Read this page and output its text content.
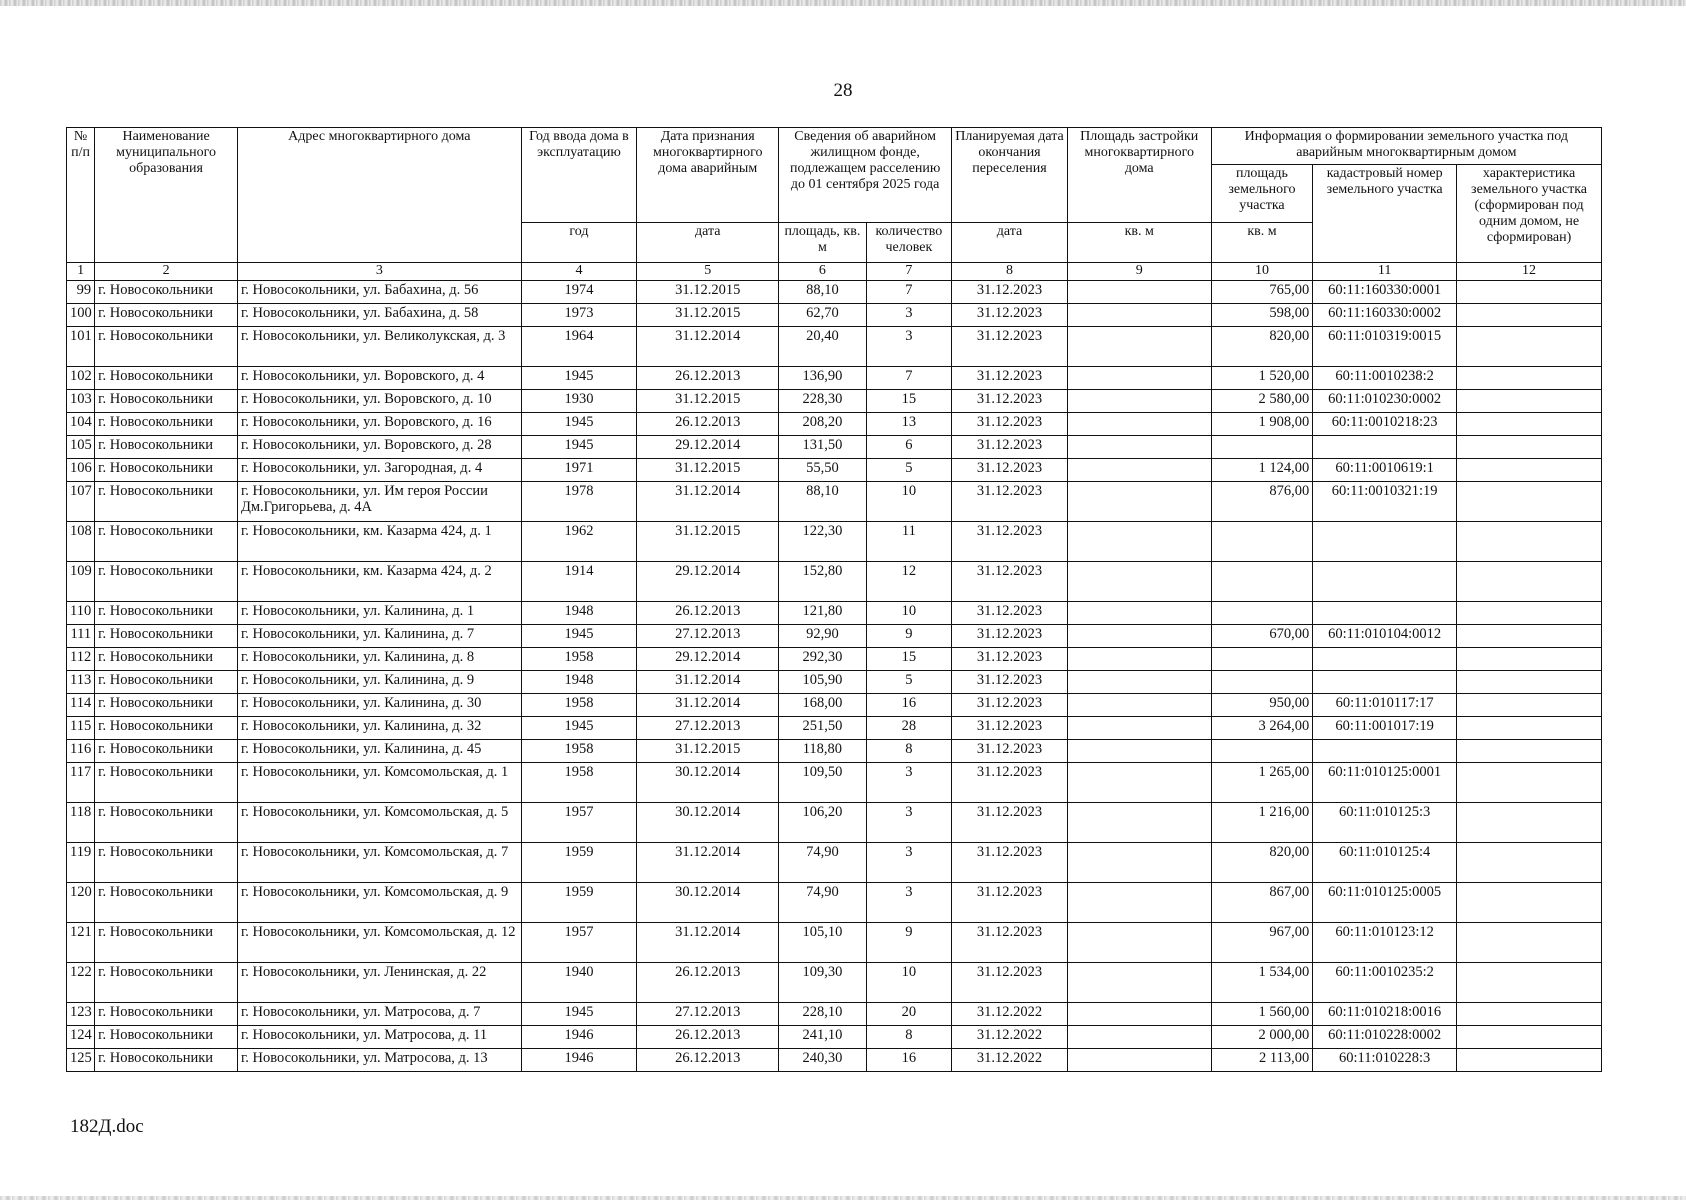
28
№ п/п	Наименование муниципального образования	Адрес многоквартирного дома	Год ввода дома в эксплуатацию	Дата признания многоквартирного дома аварийным	Сведения об аварийном жилищном фонде, подлежащем расселению до 01 сентября 2025 года		Планируемая дата окончания переселения	Площадь застройки многоквартирного дома	Информация о формировании земельного участка под аварийным многоквартирным домом		
									площадь земельного участка	кадастровый номер земельного участка	характеристика земельного участка (сформирован под одним домом, не сформирован)
			год	дата	площадь, кв. м	количество человек	дата	кв. м	кв. м		
1	2	3	4	5	6	7	8	9	10	11	12
99	г. Новосокольники	г. Новосокольники, ул. Бабахина, д. 56	1974	31.12.2015	88,10	7	31.12.2023		765,00	60:11:160330:0001	
100	г. Новосокольники	г. Новосокольники, ул. Бабахина, д. 58	1973	31.12.2015	62,70	3	31.12.2023		598,00	60:11:160330:0002	
101	г. Новосокольники	г. Новосокольники, ул. Великолукская, д. 3	1964	31.12.2014	20,40	3	31.12.2023		820,00	60:11:010319:0015	
102	г. Новосокольники	г. Новосокольники, ул. Воровского, д. 4	1945	26.12.2013	136,90	7	31.12.2023		1 520,00	60:11:0010238:2	
103	г. Новосокольники	г. Новосокольники, ул. Воровского, д. 10	1930	31.12.2015	228,30	15	31.12.2023		2 580,00	60:11:010230:0002	
104	г. Новосокольники	г. Новосокольники, ул. Воровского, д. 16	1945	26.12.2013	208,20	13	31.12.2023		1 908,00	60:11:0010218:23	
105	г. Новосокольники	г. Новосокольники, ул. Воровского, д. 28	1945	29.12.2014	131,50	6	31.12.2023				
106	г. Новосокольники	г. Новосокольники, ул. Загородная, д. 4	1971	31.12.2015	55,50	5	31.12.2023		1 124,00	60:11:0010619:1	
107	г. Новосокольники	г. Новосокольники, ул. Им героя России Дм.Григорьева, д. 4А	1978	31.12.2014	88,10	10	31.12.2023		876,00	60:11:0010321:19	
108	г. Новосокольники	г. Новосокольники, км. Казарма 424, д. 1	1962	31.12.2015	122,30	11	31.12.2023				
109	г. Новосокольники	г. Новосокольники, км. Казарма 424, д. 2	1914	29.12.2014	152,80	12	31.12.2023				
110	г. Новосокольники	г. Новосокольники, ул. Калинина, д. 1	1948	26.12.2013	121,80	10	31.12.2023				
111	г. Новосокольники	г. Новосокольники, ул. Калинина, д. 7	1945	27.12.2013	92,90	9	31.12.2023		670,00	60:11:010104:0012	
112	г. Новосокольники	г. Новосокольники, ул. Калинина, д. 8	1958	29.12.2014	292,30	15	31.12.2023				
113	г. Новосокольники	г. Новосокольники, ул. Калинина, д. 9	1948	31.12.2014	105,90	5	31.12.2023				
114	г. Новосокольники	г. Новосокольники, ул. Калинина, д. 30	1958	31.12.2014	168,00	16	31.12.2023		950,00	60:11:010117:17	
115	г. Новосокольники	г. Новосокольники, ул. Калинина, д. 32	1945	27.12.2013	251,50	28	31.12.2023		3 264,00	60:11:001017:19	
116	г. Новосокольники	г. Новосокольники, ул. Калинина, д. 45	1958	31.12.2015	118,80	8	31.12.2023				
117	г. Новосокольники	г. Новосокольники, ул. Комсомольская, д. 1	1958	30.12.2014	109,50	3	31.12.2023		1 265,00	60:11:010125:0001	
118	г. Новосокольники	г. Новосокольники, ул. Комсомольская, д. 5	1957	30.12.2014	106,20	3	31.12.2023		1 216,00	60:11:010125:3	
119	г. Новосокольники	г. Новосокольники, ул. Комсомольская, д. 7	1959	31.12.2014	74,90	3	31.12.2023		820,00	60:11:010125:4	
120	г. Новосокольники	г. Новосокольники, ул. Комсомольская, д. 9	1959	30.12.2014	74,90	3	31.12.2023		867,00	60:11:010125:0005	
121	г. Новосокольники	г. Новосокольники, ул. Комсомольская, д. 12	1957	31.12.2014	105,10	9	31.12.2023		967,00	60:11:010123:12	
122	г. Новосокольники	г. Новосокольники, ул. Ленинская, д. 22	1940	26.12.2013	109,30	10	31.12.2023		1 534,00	60:11:0010235:2	
123	г. Новосокольники	г. Новосокольники, ул. Матросова, д. 7	1945	27.12.2013	228,10	20	31.12.2022		1 560,00	60:11:010218:0016	
124	г. Новосокольники	г. Новосокольники, ул. Матросова, д. 11	1946	26.12.2013	241,10	8	31.12.2022		2 000,00	60:11:010228:0002	
125	г. Новосокольники	г. Новосокольники, ул. Матросова, д. 13	1946	26.12.2013	240,30	16	31.12.2022		2 113,00	60:11:010228:3	
182Д.doc
